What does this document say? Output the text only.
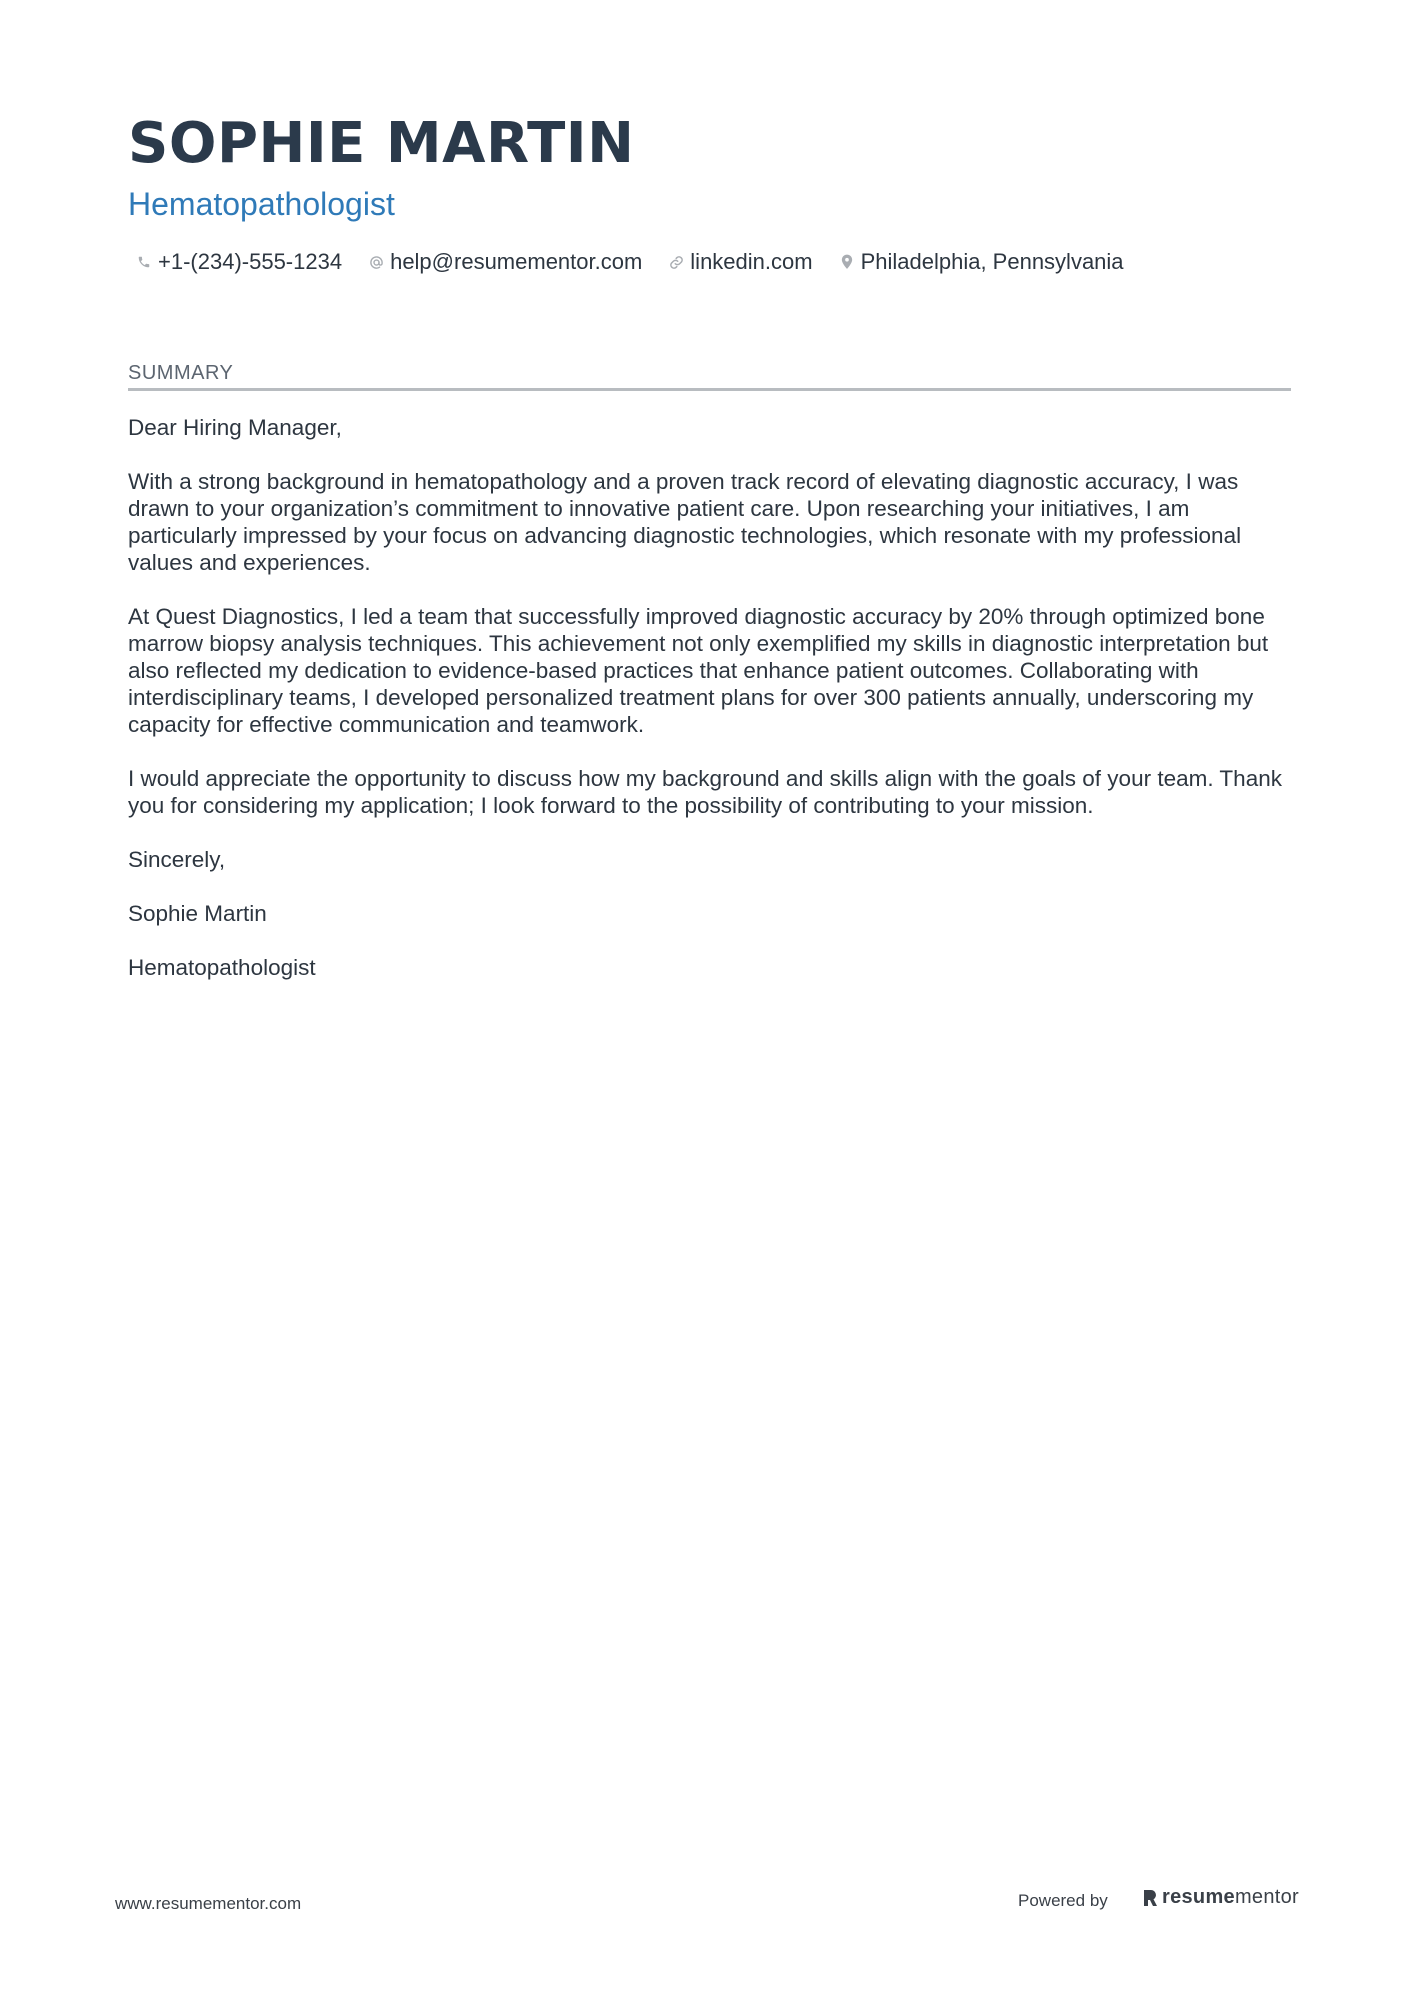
SOPHIE MARTIN
Hematopathologist
+1-(234)-555-1234 help@resumementor.com linkedin.com Philadelphia, Pennsylvania
SUMMARY

Dear Hiring Manager,

With a strong background in hematopathology and a proven track record of elevating diagnostic accuracy, I was drawn to your organization’s commitment to innovative patient care. Upon researching your initiatives, I am particularly impressed by your focus on advancing diagnostic technologies, which resonate with my professional values and experiences.

At Quest Diagnostics, I led a team that successfully improved diagnostic accuracy by 20% through optimized bone marrow biopsy analysis techniques. This achievement not only exemplified my skills in diagnostic interpretation but also reflected my dedication to evidence-based practices that enhance patient outcomes. Collaborating with interdisciplinary teams, I developed personalized treatment plans for over 300 patients annually, underscoring my capacity for effective communication and teamwork.

I would appreciate the opportunity to discuss how my background and skills align with the goals of your team. Thank you for considering my application; I look forward to the possibility of contributing to your mission.

Sincerely,

Sophie Martin

Hematopathologist

www.resumementor.com	Powered by	resumementor
